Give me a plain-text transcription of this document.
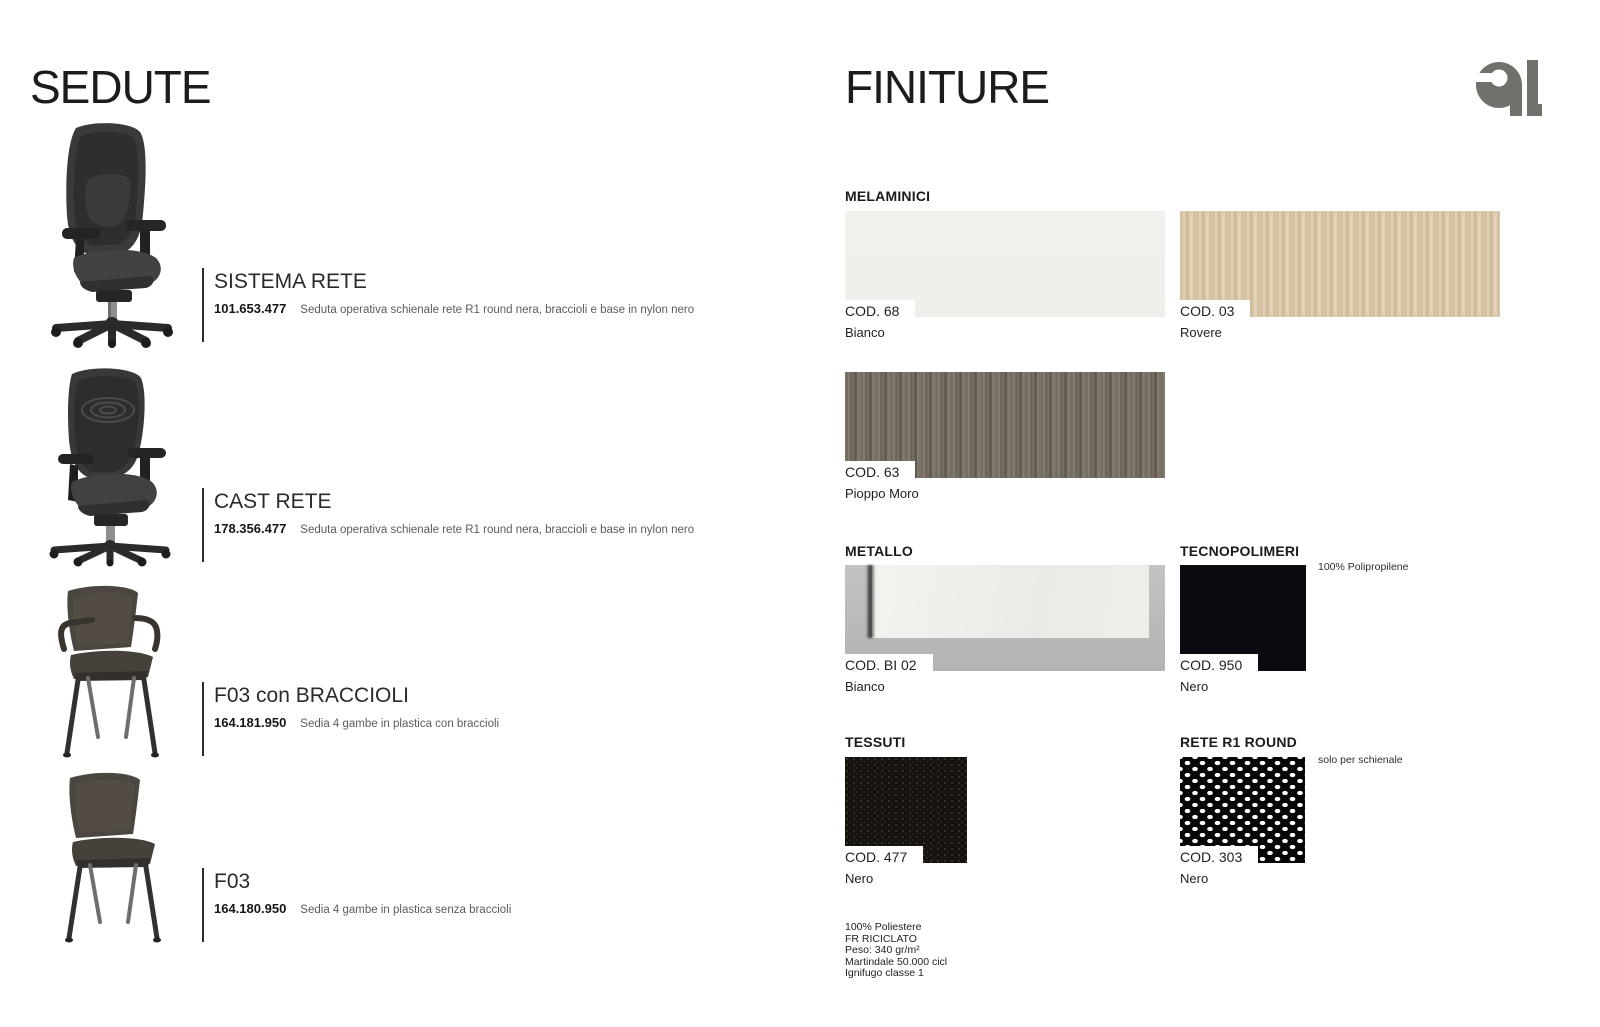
SEDUTE
SISTEMA RETE
101.653.477 Seduta operativa schienale rete R1 round nera, braccioli e base in nylon nero
CAST RETE
178.356.477 Seduta operativa schienale rete R1 round nera, braccioli e base in nylon nero
F03 con BRACCIOLI
164.181.950 Sedia 4 gambe in plastica con braccioli
F03
164.180.950 Sedia 4 gambe in plastica senza braccioli
FINITURE
MELAMINICI
COD. 68
Bianco
COD. 03
Rovere
COD. 63
Pioppo Moro
METALLO
COD. BI 02
Bianco
TECNOPOLIMERI
100% Polipropilene
COD. 950
Nero
TESSUTI
COD. 477
Nero
RETE R1 ROUND
solo per schienale
COD. 303
Nero
100% Poliestere
FR RICICLATO
Peso: 340 gr/m²
Martindale 50.000 cicl
Ignifugo classe 1
